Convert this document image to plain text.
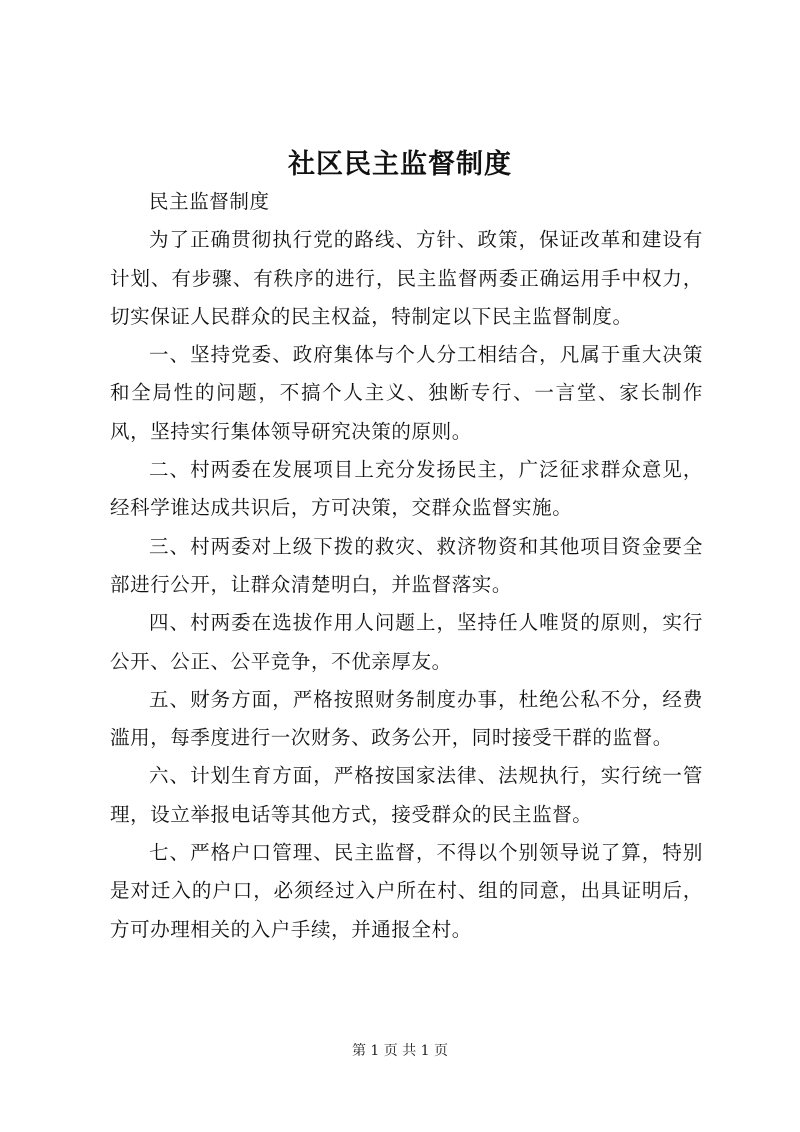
社区民主监督制度

民主监督制度

为了正确贯彻执行党的路线、方针、政策，保证改革和建设有计划、有步骤、有秩序的进行，民主监督两委正确运用手中权力，切实保证人民群众的民主权益，特制定以下民主监督制度。

一、坚持党委、政府集体与个人分工相结合，凡属于重大决策和全局性的问题，不搞个人主义、独断专行、一言堂、家长制作风，坚持实行集体领导研究决策的原则。

二、村两委在发展项目上充分发扬民主，广泛征求群众意见，经科学谁达成共识后，方可决策，交群众监督实施。

三、村两委对上级下拨的救灾、救济物资和其他项目资金要全部进行公开，让群众清楚明白，并监督落实。

四、村两委在选拔作用人问题上，坚持任人唯贤的原则，实行公开、公正、公平竞争，不优亲厚友。

五、财务方面，严格按照财务制度办事，杜绝公私不分，经费滥用，每季度进行一次财务、政务公开，同时接受干群的监督。

六、计划生育方面，严格按国家法律、法规执行，实行统一管理，设立举报电话等其他方式，接受群众的民主监督。

七、严格户口管理、民主监督，不得以个别领导说了算，特别是对迁入的户口，必须经过入户所在村、组的同意，出具证明后，方可办理相关的入户手续，并通报全村。

第 1 页 共 1 页
